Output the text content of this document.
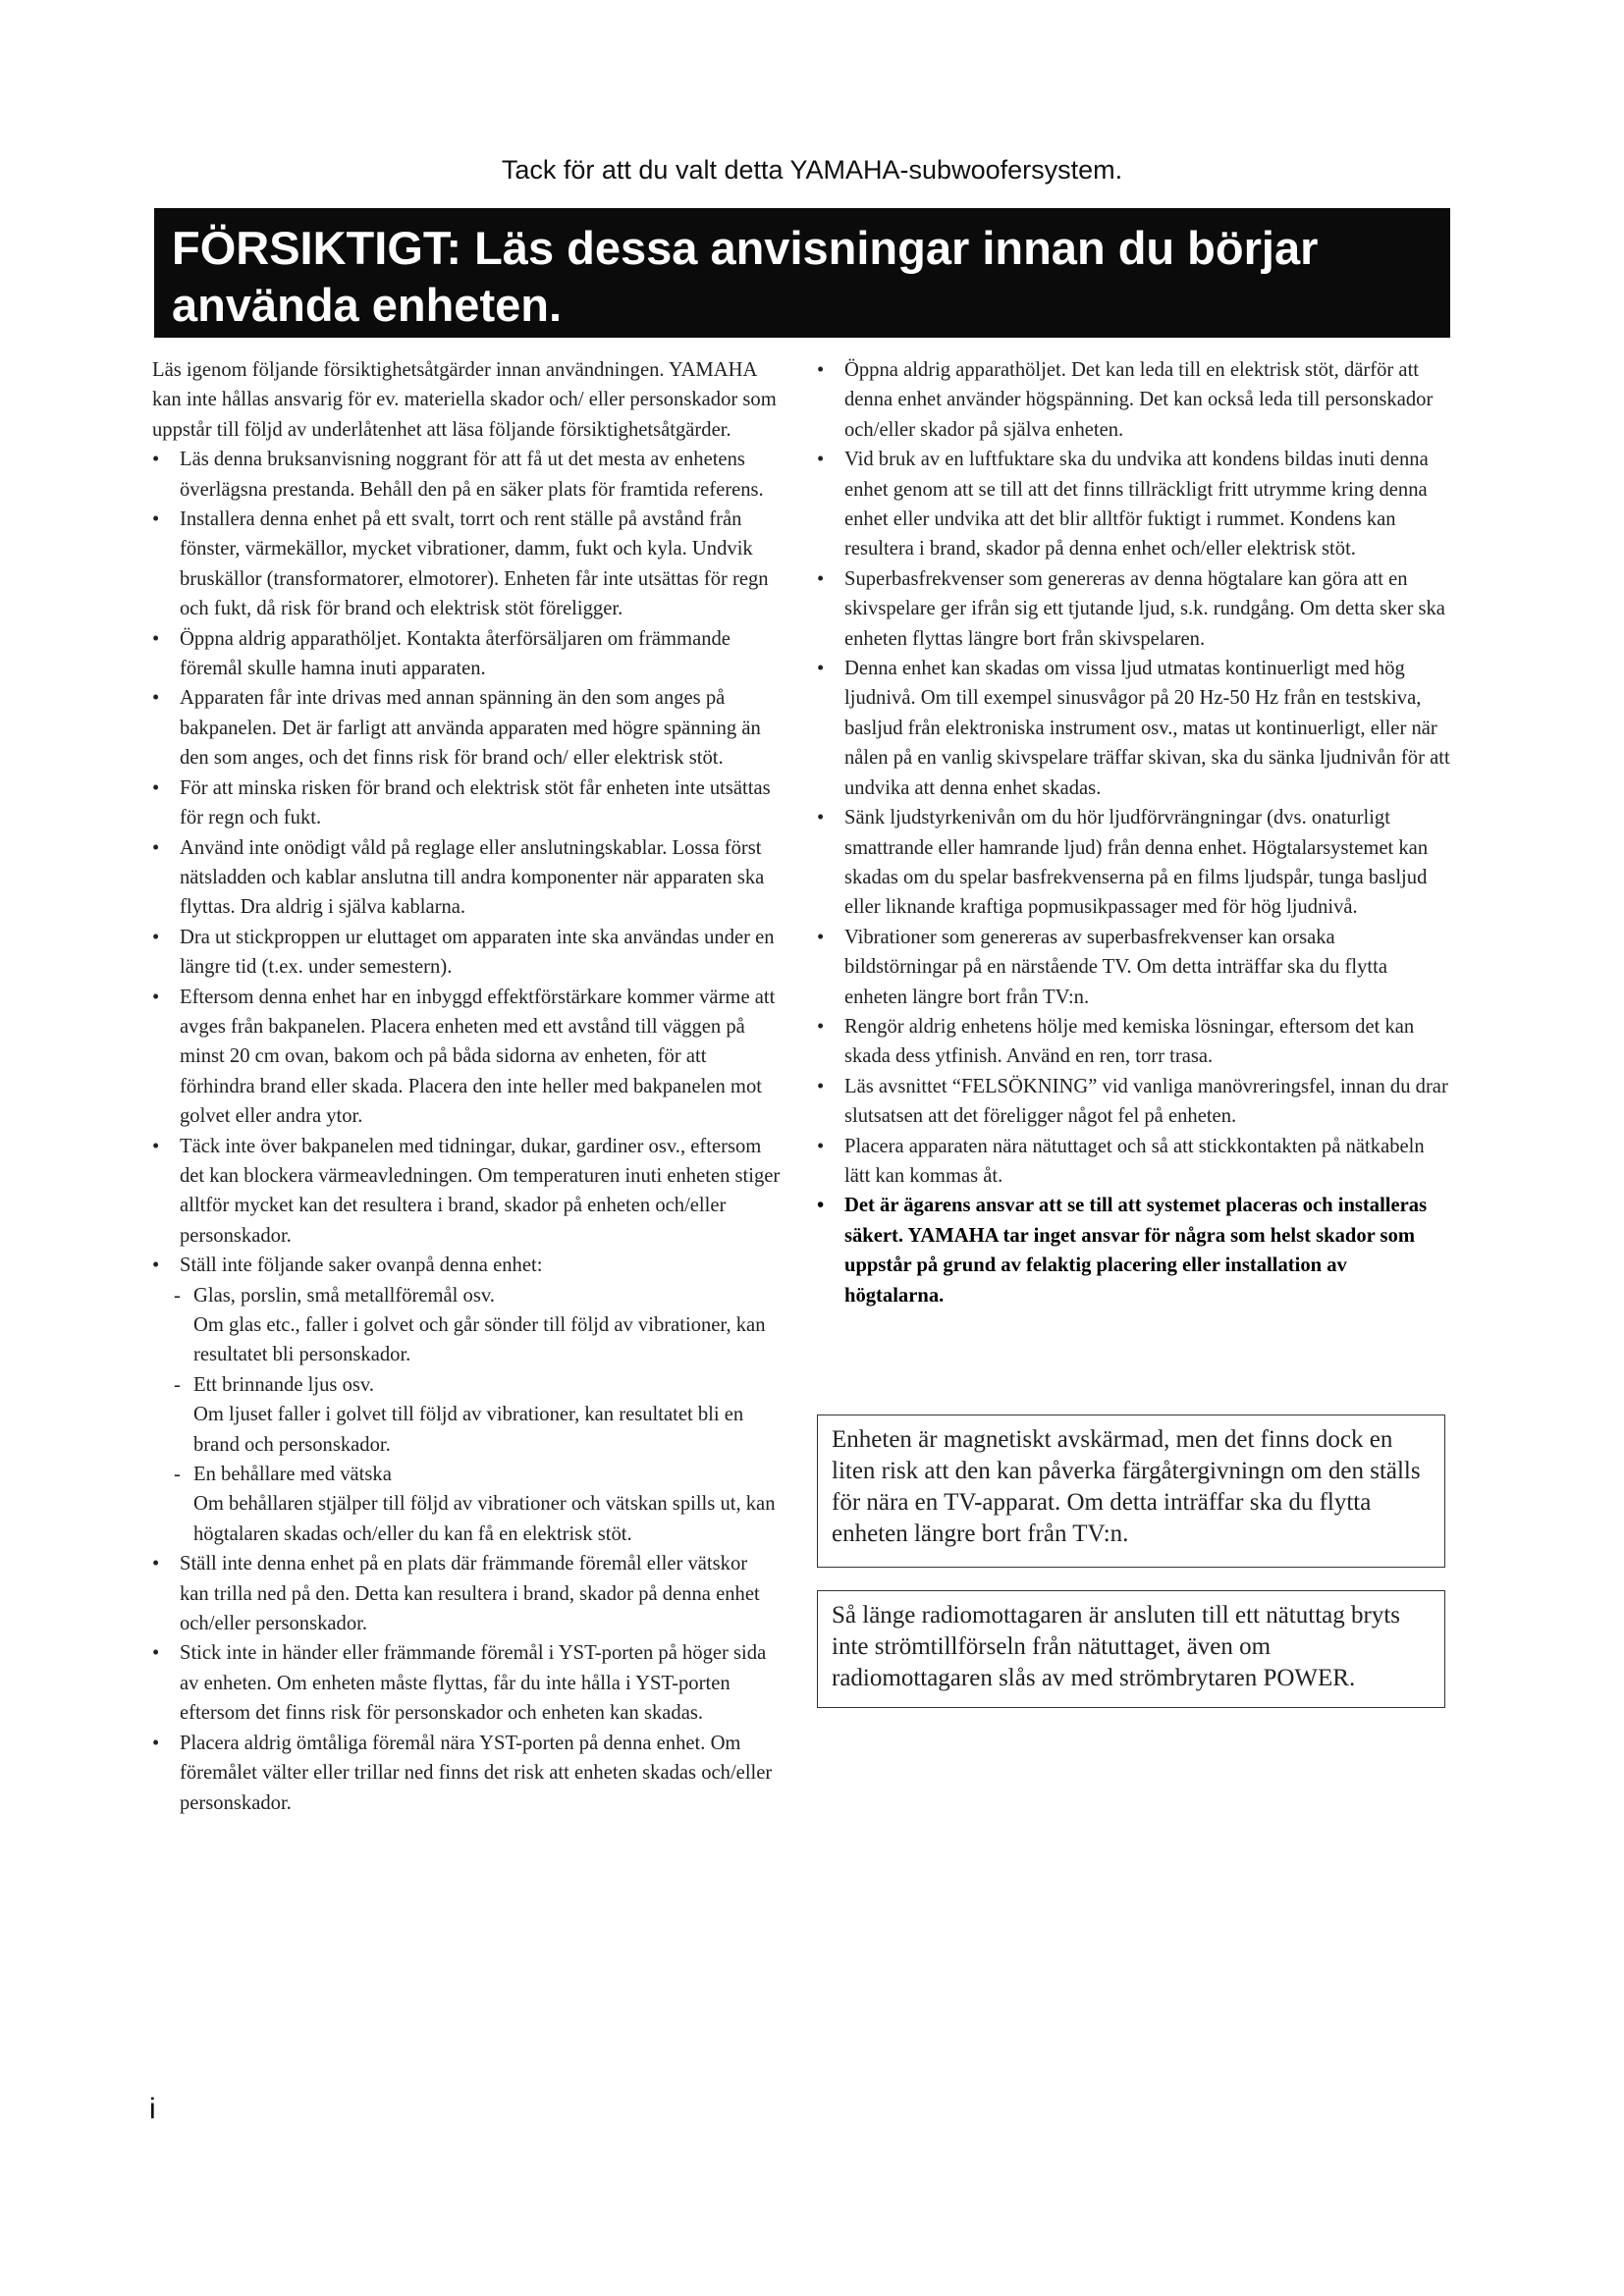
Tack för att du valt detta YAMAHA-subwoofersystem.
FÖRSIKTIGT: Läs dessa anvisningar innan du börjar
använda enheten.

Läs igenom följande försiktighetsåtgärder innan användningen. YAMAHA kan inte hållas ansvarig för ev. materiella skador och/ eller personskador som uppstår till följd av underlåtenhet att läsa följande försiktighetsåtgärder.

• Läs denna bruksanvisning noggrant för att få ut det mesta av enhetens överlägsna prestanda. Behåll den på en säker plats för framtida referens.

• Installera denna enhet på ett svalt, torrt och rent ställe på avstånd från fönster, värmekällor, mycket vibrationer, damm, fukt och kyla. Undvik bruskällor (transformatorer, elmotorer). Enheten får inte utsättas för regn och fukt, då risk för brand och elektrisk stöt föreligger.

• Öppna aldrig apparathöljet. Kontakta återförsäljaren om främmande föremål skulle hamna inuti apparaten.

• Apparaten får inte drivas med annan spänning än den som anges på bakpanelen. Det är farligt att använda apparaten med högre spänning än den som anges, och det finns risk för brand och/ eller elektrisk stöt.

• För att minska risken för brand och elektrisk stöt får enheten inte utsättas för regn och fukt.

• Använd inte onödigt våld på reglage eller anslutningskablar. Lossa först nätsladden och kablar anslutna till andra komponenter när apparaten ska flyttas. Dra aldrig i själva kablarna.

• Dra ut stickproppen ur eluttaget om apparaten inte ska användas under en längre tid (t.ex. under semestern).

• Eftersom denna enhet har en inbyggd effektförstärkare kommer värme att avges från bakpanelen. Placera enheten med ett avstånd till väggen på minst 20 cm ovan, bakom och på båda sidorna av enheten, för att förhindra brand eller skada. Placera den inte heller med bakpanelen mot golvet eller andra ytor.

• Täck inte över bakpanelen med tidningar, dukar, gardiner osv., eftersom det kan blockera värmeavledningen. Om temperaturen inuti enheten stiger alltför mycket kan det resultera i brand, skador på enheten och/eller personskador.

• Ställ inte följande saker ovanpå denna enhet:

- Glas, porslin, små metallföremål osv.

Om glas etc., faller i golvet och går sönder till följd av vibrationer, kan resultatet bli personskador.

- Ett brinnande ljus osv.

Om ljuset faller i golvet till följd av vibrationer, kan resultatet bli en brand och personskador.

- En behållare med vätska

Om behållaren stjälper till följd av vibrationer och vätskan spills ut, kan högtalaren skadas och/eller du kan få en elektrisk stöt.

• Ställ inte denna enhet på en plats där främmande föremål eller vätskor kan trilla ned på den. Detta kan resultera i brand, skador på denna enhet och/eller personskador.

• Stick inte in händer eller främmande föremål i YST-porten på höger sida av enheten. Om enheten måste flyttas, får du inte hålla i YST-porten eftersom det finns risk för personskador och enheten kan skadas.

• Placera aldrig ömtåliga föremål nära YST-porten på denna enhet. Om föremålet välter eller trillar ned finns det risk att enheten skadas och/eller personskador.

• Öppna aldrig apparathöljet. Det kan leda till en elektrisk stöt, därför att denna enhet använder högspänning. Det kan också leda till personskador och/eller skador på själva enheten.

• Vid bruk av en luftfuktare ska du undvika att kondens bildas inuti denna enhet genom att se till att det finns tillräckligt fritt utrymme kring denna enhet eller undvika att det blir alltför fuktigt i rummet. Kondens kan resultera i brand, skador på denna enhet och/eller elektrisk stöt.

• Superbasfrekvenser som genereras av denna högtalare kan göra att en skivspelare ger ifrån sig ett tjutande ljud, s.k. rundgång. Om detta sker ska enheten flyttas längre bort från skivspelaren.

• Denna enhet kan skadas om vissa ljud utmatas kontinuerligt med hög ljudnivå. Om till exempel sinusvågor på 20 Hz-50 Hz från en testskiva, basljud från elektroniska instrument osv., matas ut kontinuerligt, eller när nålen på en vanlig skivspelare träffar skivan, ska du sänka ljudnivån för att undvika att denna enhet skadas.

• Sänk ljudstyrkenivån om du hör ljudförvrängningar (dvs. onaturligt smattrande eller hamrande ljud) från denna enhet. Högtalarsystemet kan skadas om du spelar basfrekvenserna på en films ljudspår, tunga basljud eller liknande kraftiga popmusikpassager med för hög ljudnivå.

• Vibrationer som genereras av superbasfrekvenser kan orsaka bildstörningar på en närstående TV. Om detta inträffar ska du flytta enheten längre bort från TV:n.

• Rengör aldrig enhetens hölje med kemiska lösningar, eftersom det kan skada dess ytfinish. Använd en ren, torr trasa.

• Läs avsnittet “FELSÖKNING” vid vanliga manövreringsfel, innan du drar slutsatsen att det föreligger något fel på enheten.

• Placera apparaten nära nätuttaget och så att stickkontakten på nätkabeln lätt kan kommas åt.

• Det är ägarens ansvar att se till att systemet placeras och installeras säkert. YAMAHA tar inget ansvar för några som helst skador som uppstår på grund av felaktig placering eller installation av högtalarna.

Enheten är magnetiskt avskärmad, men det finns dock en liten risk att den kan påverka färgåtergivningn om den ställs för nära en TV-apparat. Om detta inträffar ska du flytta enheten längre bort från TV:n.
Så länge radiomottagaren är ansluten till ett nätuttag bryts inte strömtillförseln från nätuttaget, även om radiomottagaren slås av med strömbrytaren POWER.
i
